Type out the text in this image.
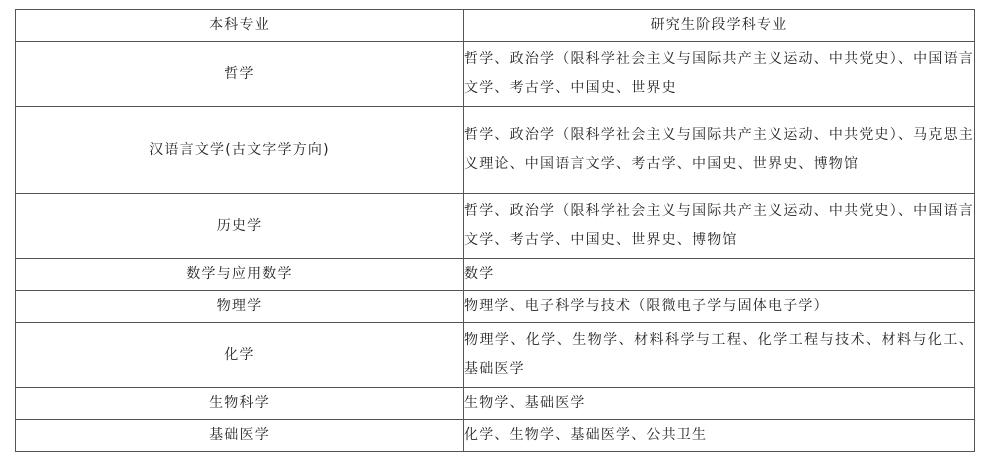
本科专业	研究生阶段学科专业
哲学	哲学、政治学（限科学社会主义与国际共产主义运动、中共党史）、中国语言文学、考古学、中国史、世界史
汉语言文学(古文字学方向)	哲学、政治学（限科学社会主义与国际共产主义运动、中共党史）、马克思主义理论、中国语言文学、考古学、中国史、世界史、博物馆
历史学	哲学、政治学（限科学社会主义与国际共产主义运动、中共党史）、中国语言文学、考古学、中国史、世界史、博物馆
数学与应用数学	数学
物理学	物理学、电子科学与技术（限微电子学与固体电子学）
化学	物理学、化学、生物学、材料科学与工程、化学工程与技术、材料与化工、基础医学
生物科学	生物学、基础医学
基础医学	化学、生物学、基础医学、公共卫生
